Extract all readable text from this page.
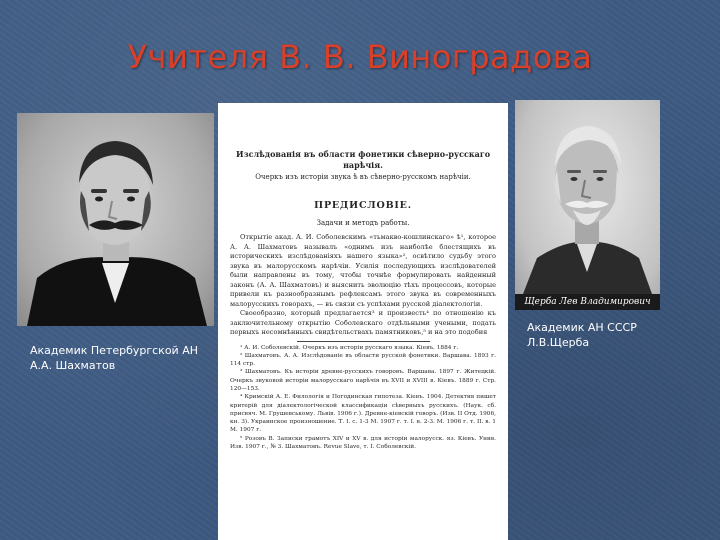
Учителя В. В. Виноградова
Академик Петербургской АН А.А. Шахматов
Изслѣдованія въ области фонетики сѣверно-русскаго нарѣчія.
Очеркъ изъ исторіи звука ѣ въ сѣверно-русскомъ нарѣчіи.
ПРЕДИСЛОВІЕ.
Задачи и методъ работы.

Открытіе акад. А. И. Соболевскимъ «тьмакво-кошлинскаго» ѣ¹, которое А. А. Шахматовъ называлъ «однимъ изъ наиболѣе блестящихъ въ историческихъ изслѣдованіяхъ нашего языка»², освѣтило судьбу этого звука въ малорусскомъ нарѣчіи. Усилія последующихъ изслѣдователей были направлены въ тому, чтобы точнѣе формулировать найденный законъ (А. А. Шахматовъ) и выяснить эволюцію тѣхъ процессовъ, которые привели къ разнообразнымъ рефлексамъ этого звука въ современныхъ малорусскихъ говорахъ, — въ связи съ успѣхами русской діалектологіи.

Своеобразно, который предлагается³ и произвесть⁴ по отношенію къ заключительному открытію Соболевскаго отдѣльными учеными, подать первыхъ несомнѣнныхъ свидѣтельствахъ памятниковъ,⁵ и на это подобия

¹ А. И. Соболевскій. Очеркъ изъ исторіи русскаго языка. Кіевъ. 1884 г.

² Шахматовъ. А. А. Изслѣдованіе въ области русской фонетики. Варшава. 1893 г. 114 стр.

³ Шахматовъ. Къ исторіи древне-русскихъ говоровъ. Варшава. 1897 г. Житецкій. Очеркъ звуковой исторіи малорусскаго нарѣчія въ XVII и XVIII в. Кіевъ. 1889 г. Стр. 120—153.

⁴ Кримскій А. Е. Филологія и Погодинская гипотеза. Кіевъ. 1904. Детектив пишет критерій для діалектологіческой классификаціи сѣверныхъ русскихъ. (Наук. сб. присвяч. М. Грушевському. Львів. 1906 г.). Древне-кіевскій говоръ. (Изв. II Отд. 1906, кн. 3). Украинское произношение. Т. I. с. 1-3 М. 1907 г. т. I. в. 2-3. М. 1906 г. т. II. в. 1 М. 1907 г.

⁵ Розовъ В. Записки грамотъ XIV и XV в. для исторіи малорусск. яз. Кіевъ. Унив. Изв. 1907 г., № 3. Шахматовъ. Revue Slave, т. I. Соболевскій.

Щерба Лев Владимирович
Академик АН СССР Л.В.Щерба
